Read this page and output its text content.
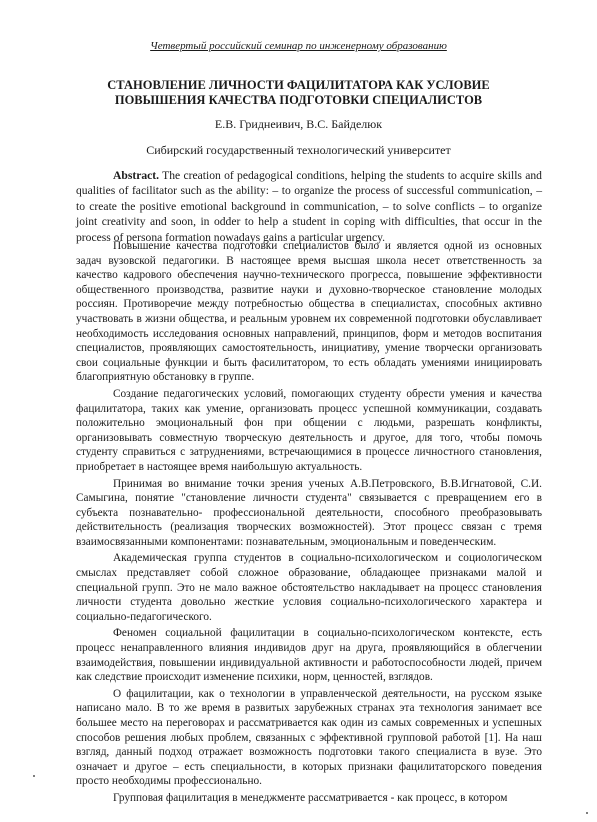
Четвертый российский семинар по инженерному образованию
СТАНОВЛЕНИЕ ЛИЧНОСТИ ФАЦИЛИТАТОРА КАК УСЛОВИЕ
ПОВЫШЕНИЯ КАЧЕСТВА ПОДГОТОВКИ СПЕЦИАЛИСТОВ
Е.В. Гриднеивич, В.С. Байделюк
Сибирский государственный технологический университет
Abstract. The creation of pedagogical conditions, helping the students to acquire skills and qualities of facilitator such as the ability: – to organize the process of successful communication, – to create the positive emotional background in communication, – to solve conflicts – to organize joint creativity and soon, in odder to help a student in coping with difficulties, that occur in the process of persona formation nowadays gains a particular urgency.

Повышение качества подготовки специалистов было и является одной из основных задач вузовской педагогики. В настоящее время высшая школа несет ответственность за качество кадрового обеспечения научно-технического прогресса, повышение эффективности общественного производства, развитие науки и духовно-творческое становление молодых россиян. Противоречие между потребностью общества в специалистах, способных активно участвовать в жизни общества, и реальным уровнем их современной подготовки обуславливает необходимость исследования основных направлений, принципов, форм и методов воспитания специалистов, проявляющих самостоятельность, инициативу, умение творчески организовать свои социальные функции и быть фасилитатором, то есть обладать умениями инициировать благоприятную обстановку в группе.

Создание педагогических условий, помогающих студенту обрести умения и качества фацилитатора, таких как умение, организовать процесс успешной коммуникации, создавать положительно эмоциональный фон при общении с людьми, разрешать конфликты, организовывать совместную творческую деятельность и другое, для того, чтобы помочь студенту справиться с затруднениями, встречающимися в процессе личностного становления, приобретает в настоящее время наибольшую актуальность.

Принимая во внимание точки зрения ученых А.В.Петровского, В.В.Игнатовой, С.И. Самыгина, понятие "становление личности студента" связывается с превращением его в субъекта познавательно- профессиональной деятельности, способного преобразовывать действительность (реализация творческих возможностей). Этот процесс связан с тремя взаимосвязанными компонентами: познавательным, эмоциональным и поведенческим.

Академическая группа студентов в социально-психологическом и социологическом смыслах представляет собой сложное образование, обладающее признаками малой и специальной групп. Это не мало важное обстоятельство накладывает на процесс становления личности студента довольно жесткие условия социально-психологического характера и социально-педагогического.

Феномен социальной фацилитации в социально-психологическом контексте, есть процесс ненаправленного влияния индивидов друг на друга, проявляющийся в облегчении взаимодействия, повышении индивидуальной активности и работоспособности людей, причем как следствие происходит изменение психики, норм, ценностей, взглядов.

О фацилитации, как о технологии в управленческой деятельности, на русском языке написано мало. В то же время в развитых зарубежных странах эта технология занимает все большее место на переговорах и рассматривается как один из самых современных и успешных способов решения любых проблем, связанных с эффективной групповой работой [1]. На наш взгляд, данный подход отражает возможность подготовки такого специалиста в вузе. Это означает и другое – есть специальности, в которых признаки фацилитаторского поведения просто необходимы профессионально.

Групповая фацилитация в менеджменте рассматривается - как процесс, в котором
